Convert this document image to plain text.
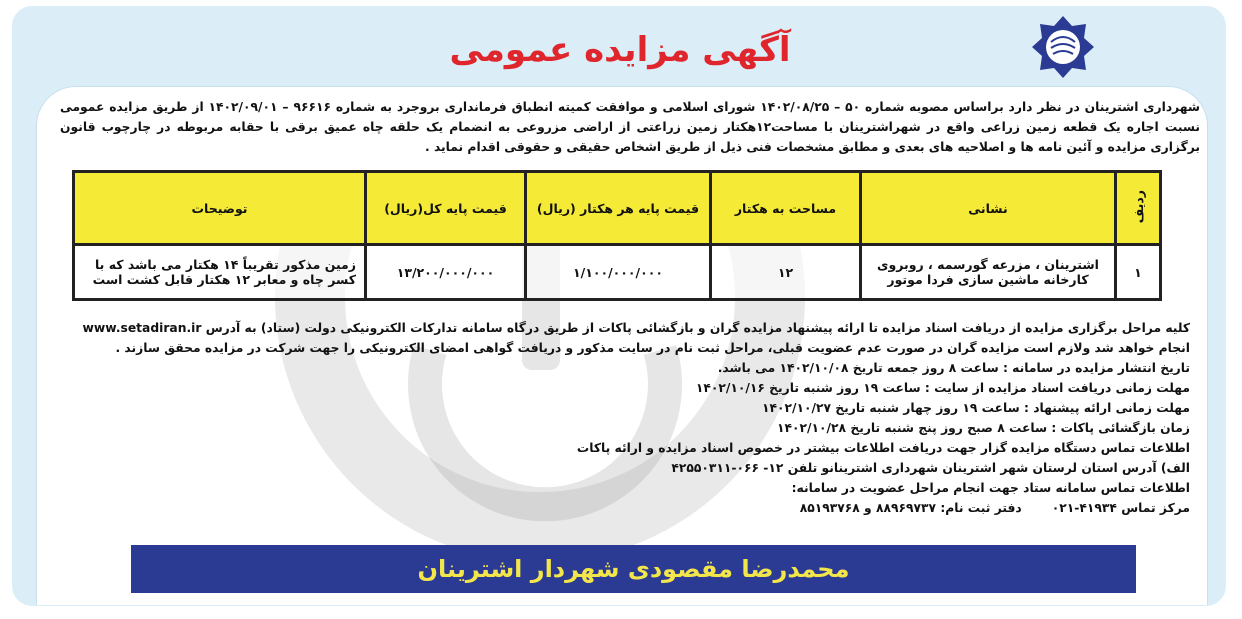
آگهی مزایده عمومی
شهرداری اشترینان در نظر دارد براساس مصوبه شماره ۵۰ – ۱۴۰۲/۰۸/۲۵ شورای اسلامی و موافقت کمیته انطباق فرمانداری بروجرد به شماره ۹۶۶۱۶ – ۱۴۰۲/۰۹/۰۱ از طریق مزایده عمومی نسبت اجاره یک قطعه زمین زراعی واقع در شهراشترینان با مساحت۱۲هکتار زمین زراعتی از اراضی مزروعی به انضمام یک حلقه چاه عمیق برقی با حقابه مربوطه در چارچوب قانون برگزاری مزایده و آئین نامه ها و اصلاحیه های بعدی و مطابق مشخصات فنی ذیل از طریق اشخاص حقیقی و حقوقی اقدام نماید .
ردیف	نشانی	مساحت به هکتار	قیمت پایه هر هکتار (ریال)	قیمت پایه کل(ریال)	توضیحات
۱	اشترینان ، مزرعه گورسمه ، روبروی کارخانه ماشین سازی فردا موتور	۱۲	۱/۱۰۰/۰۰۰/۰۰۰	۱۳/۲۰۰/۰۰۰/۰۰۰	زمین مذکور تقریباً ۱۴ هکتار می باشد که با کسر چاه و معابر ۱۲ هکتار قابل کشت است

کلیه مراحل برگزاری مزایده از دریافت اسناد مزایده تا ارائه پیشنهاد مزایده گران و بازگشائی پاکات از طریق درگاه سامانه تدارکات الکترونیکی دولت (ستاد) به آدرس www.setadiran.ir انجام خواهد شد ولازم است مزایده گران در صورت عدم عضویت قبلی، مراحل ثبت نام در سایت مذکور و دریافت گواهی امضای الکترونیکی را جهت شرکت در مزایده محقق سازند .

تاریخ انتشار مزایده در سامانه : ساعت ۸ روز جمعه تاریخ ۱۴۰۲/۱۰/۰۸ می باشد.

مهلت زمانی دریافت اسناد مزایده از سایت : ساعت ۱۹ روز شنبه تاریخ ۱۴۰۲/۱۰/۱۶

مهلت زمانی ارائه پیشنهاد : ساعت ۱۹ روز چهار شنبه تاریخ ۱۴۰۲/۱۰/۲۷

زمان بازگشائی پاکات : ساعت ۸ صبح روز پنج شنبه تاریخ ۱۴۰۲/۱۰/۲۸

اطلاعات تماس دستگاه مزایده گزار جهت دریافت اطلاعات بیشتر در خصوص اسناد مزایده و ارائه پاکات

الف) آدرس استان لرستان شهر اشترینان شهرداری اشترینانو تلفن ۱۲- ۰۶۶-۴۲۵۵۰۳۱۱

اطلاعات تماس سامانه ستاد جهت انجام مراحل عضویت در سامانه:

مرکز تماس ۴۱۹۳۴-۰۲۱
دفتر ثبت نام: ۸۸۹۶۹۷۳۷ و ۸۵۱۹۳۷۶۸
محمدرضا مقصودی شهردار اشترینان
